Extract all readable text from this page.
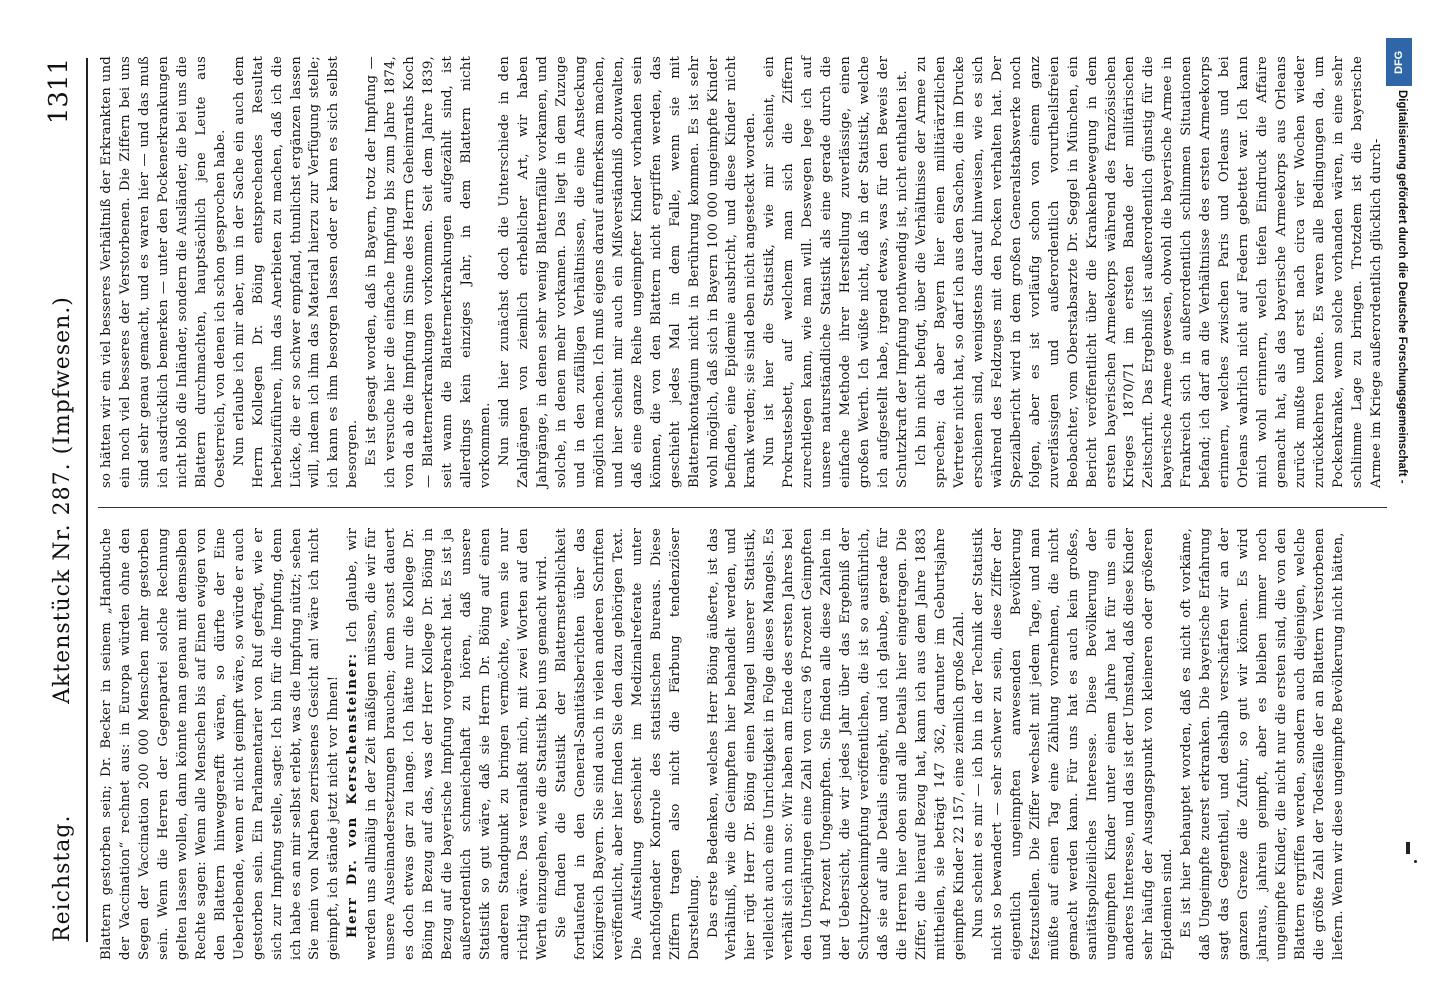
Reichstag.
Aktenstück Nr. 287. (Impfwesen.)
1311

Blattern gestorben sein; Dr. Becker in seinem „Handbuche der Vaccination“ rechnet aus: in Europa würden ohne den Segen der Vaccination 200 000 Menschen mehr gestorben sein. Wenn die Herren der Gegenpartei solche Rechnung gelten lassen wollen, dann könnte man genau mit demselben Rechte sagen: Wenn alle Menschen bis auf Einen ewigen von den Blattern hinweggerafft wären, so dürfte der Eine Ueberlebende, wenn er nicht geimpft wäre, so würde er auch gestorben sein. Ein Parlamentarier von Ruf gefragt, wie er sich zur Impfung stelle, sagte: Ich bin für die Impfung, denn ich habe es an mir selbst erlebt, was die Impfung nützt; sehen Sie mein von Narben zerrissenes Gesicht an! wäre ich nicht geimpft, ich stände jetzt nicht vor Ihnen! Herr Dr. von Kerschensteiner: Ich glaube, wir werden uns allmälig in der Zeit mäßigen müssen, die wir für unsere Auseinandersetzungen brauchen; denn sonst dauert es doch etwas gar zu lange. Ich hätte nur die Kollege Dr. Böing in Bezug auf das, was der Herr Kollege Dr. Böing in Bezug auf die bayerische Impfung vorgebracht hat. Es ist ja außerordentlich schmeichelhaft zu hören, daß unsere Statistik so gut wäre, daß sie Herrn Dr. Böing auf einen anderen Standpunkt zu bringen vermöchte, wenn sie nur richtig wäre. Das veranlaßt mich, mit zwei Worten auf den Werth einzugehen, wie die Statistik bei uns gemacht wird. Sie finden die Statistik der Blatternsterblichkeit fortlaufend in den General-Sanitätsberichten über das Königreich Bayern. Sie sind auch in vielen anderen Schriften veröffentlicht, aber hier finden Sie den dazu gehörigen Text. Die Aufstellung geschieht im Medizinalreferate unter nachfolgender Kontrole des statistischen Bureaus. Diese Ziffern tragen also nicht die Färbung tendenziöser Darstellung. Das erste Bedenken, welches Herr Böing äußerte, ist das Verhältniß, wie die Geimpften hier behandelt werden, und hier rügt Herr Dr. Böing einen Mangel unserer Statistik, vielleicht auch eine Unrichtigkeit in Folge dieses Mangels. Es verhält sich nun so: Wir haben am Ende des ersten Jahres bei den Unterjährigen eine Zahl von circa 96 Prozent Geimpften und 4 Prozent Ungeimpften. Sie finden alle diese Zahlen in der Uebersicht, die wir jedes Jahr über das Ergebniß der Schutzpockenimpfung veröffentlichen, die ist so ausführlich, daß sie auf alle Details eingeht, und ich glaube, gerade für die Herren hier oben sind alle Details hier eingetragen. Die Ziffer, die hierauf Bezug hat, kann ich aus dem Jahre 1883 mittheilen, sie beträgt 147 362, darunter im Geburtsjahre geimpfte Kinder 22 157, eine ziemlich große Zahl. Nun scheint es mir — ich bin in der Technik der Statistik nicht so bewandert — sehr schwer zu sein, diese Ziffer der eigentlich ungeimpften anwesenden Bevölkerung festzustellen. Die Ziffer wechselt mit jedem Tage, und man müßte auf einen Tag eine Zählung vornehmen, die nicht gemacht werden kann. Für uns hat es auch kein großes, sanitätspolizeiliches Interesse. Diese Bevölkerung der ungeimpften Kinder unter einem Jahre hat für uns ein anderes Interesse, und das ist der Umstand, daß diese Kinder sehr häufig der Ausgangspunkt von kleineren oder größeren Epidemien sind. Es ist hier behauptet worden, daß es nicht oft vorkäme, daß Ungeimpfte zuerst erkranken. Die bayerische Erfahrung sagt das Gegentheil, und deshalb verschärfen wir an der ganzen Grenze die Zufuhr, so gut wir können. Es wird jahraus, jahrein geimpft, aber es bleiben immer noch ungeimpfte Kinder, die nicht nur die ersten sind, die von den Blattern ergriffen werden, sondern auch diejenigen, welche die größte Zahl der Todesfälle der an Blattern Verstorbenen liefern. Wenn wir diese ungeimpfte Bevölkerung nicht hätten,

so hätten wir ein viel besseres Verhältniß der Erkrankten und ein noch viel besseres der Verstorbenen. Die Ziffern bei uns sind sehr genau gemacht, und es waren hier — und das muß ich ausdrücklich bemerken — unter den Pockenerkrankungen nicht bloß die Inländer, sondern die Ausländer, die bei uns die Blattern durchmachten, hauptsächlich jene Leute aus Oesterreich, von denen ich schon gesprochen habe. Nun erlaube ich mir aber, um in der Sache ein auch dem Herrn Kollegen Dr. Böing entsprechendes Resultat herbeizuführen, ihm das Anerbieten zu machen, daß ich die Lücke, die er so schwer empfand, thunlichst ergänzen lassen will, indem ich ihm das Material hierzu zur Verfügung stelle; ich kann es ihm besorgen lassen oder er kann es sich selbst besorgen. Es ist gesagt worden, daß in Bayern, trotz der Impfung — ich versuche hier die einfache Impfung bis zum Jahre 1874, von da ab die Impfung im Sinne des Herrn Geheimraths Koch — Blatternerkrankungen vorkommen. Seit dem Jahre 1839, seit wann die Blatternerkrankungen aufgezählt sind, ist allerdings kein einziges Jahr, in dem Blattern nicht vorkommen. Nun sind hier zunächst doch die Unterschiede in den Zahlgängen von ziemlich erheblicher Art, wir haben Jahrgänge, in denen sehr wenig Blatternfälle vorkamen, und solche, in denen mehr vorkamen. Das liegt in dem Zuzuge und in den zufälligen Verhältnissen, die eine Ansteckung möglich machen. Ich muß eigens darauf aufmerksam machen, und hier scheint mir auch ein Mißverständniß obzuwalten, daß eine ganze Reihe ungeimpfter Kinder vorhanden sein können, die von den Blattern nicht ergriffen werden, das geschieht jedes Mal in dem Falle, wenn sie mit Blatternkontagium nicht in Berührung kommen. Es ist sehr wohl möglich, daß sich in Bayern 100 000 ungeimpfte Kinder befinden, eine Epidemie ausbricht, und diese Kinder nicht krank werden; sie sind eben nicht angesteckt worden. Nun ist hier die Statistik, wie mir scheint, ein Prokrustesbett, auf welchem man sich die Ziffern zurechtlegen kann, wie man will. Deswegen lege ich auf unsere naturständliche Statistik als eine gerade durch die einfache Methode ihrer Herstellung zuverlässige, einen großen Werth. Ich wüßte nicht, daß in der Statistik, welche ich aufgestellt habe, irgend etwas, was für den Beweis der Schutzkraft der Impfung nothwendig ist, nicht enthalten ist. Ich bin nicht befugt, über die Verhältnisse der Armee zu sprechen; da aber Bayern hier einen militärärztlichen Vertreter nicht hat, so darf ich aus den Sachen, die im Drucke erschienen sind, wenigstens darauf hinweisen, wie es sich während des Feldzuges mit den Pocken verhalten hat. Der Spezialbericht wird in dem großen Generalstabswerke noch folgen, aber es ist vorläufig schon von einem ganz zuverlässigen und außerordentlich vorurtheilsfreien Beobachter, vom Oberstabsarzte Dr. Seggel in München, ein Bericht veröffentlicht über die Krankenbewegung in dem ersten bayerischen Armeekorps während des französischen Krieges 1870/71 im ersten Bande der militärischen Zeitschrift. Das Ergebniß ist außerordentlich günstig für die bayerische Armee gewesen, obwohl die bayerische Armee in Frankreich sich in außerordentlich schlimmen Situationen befand; ich darf an die Verhältnisse des ersten Armeekorps erinnern, welches zwischen Paris und Orleans und bei Orleans wahrlich nicht auf Federn gebettet war. Ich kann mich wohl erinnern, welch tiefen Eindruck die Affaire gemacht hat, als das bayerische Armeekorps aus Orleans zurück mußte und erst nach circa vier Wochen wieder zurückkehren konnte. Es waren alle Bedingungen da, um Pockenkranke, wenn solche vorhanden wären, in eine sehr schlimme Lage zu bringen. Trotzdem ist die bayerische Armee im Kriege außerordentlich glücklich durch-

DFG
Digitalisierung gefördert durch die Deutsche Forschungsgemeinschaft -
